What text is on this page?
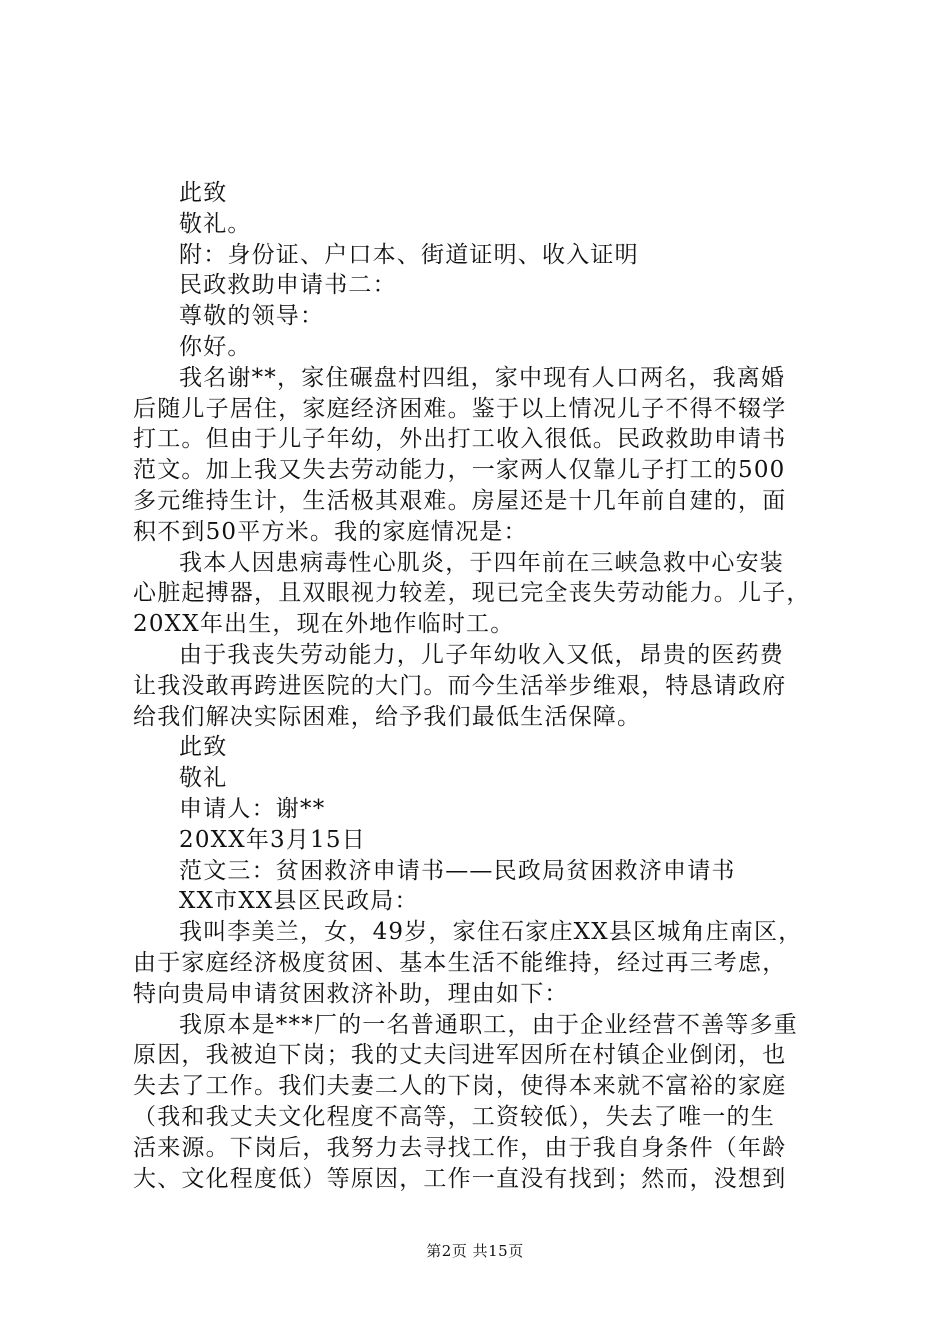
此致
敬礼。
附：身份证、户口本、街道证明、收入证明
民政救助申请书二：
尊敬的领导：
你好。
我名谢**，家住碾盘村四组，家中现有人口两名，我离婚
后随儿子居住，家庭经济困难。鉴于以上情况儿子不得不辍学
打工。但由于儿子年幼，外出打工收入很低。民政救助申请书
范文。加上我又失去劳动能力，一家两人仅靠儿子打工的500
多元维持生计，生活极其艰难。房屋还是十几年前自建的，面
积不到50平方米。我的家庭情况是：
我本人因患病毒性心肌炎，于四年前在三峡急救中心安装
心脏起搏器，且双眼视力较差，现已完全丧失劳动能力。儿子，
20XX年出生，现在外地作临时工。
由于我丧失劳动能力，儿子年幼收入又低，昂贵的医药费
让我没敢再跨进医院的大门。而今生活举步维艰，特恳请政府
给我们解决实际困难，给予我们最低生活保障。
此致
敬礼
申请人：谢**
20XX年3月15日
范文三：贫困救济申请书——民政局贫困救济申请书
XX市XX县区民政局：
我叫李美兰，女，49岁，家住石家庄XX县区城角庄南区，
由于家庭经济极度贫困、基本生活不能维持，经过再三考虑，
特向贵局申请贫困救济补助，理由如下：
我原本是***厂的一名普通职工，由于企业经营不善等多重
原因，我被迫下岗；我的丈夫闫进军因所在村镇企业倒闭，也
失去了工作。我们夫妻二人的下岗，使得本来就不富裕的家庭
（我和我丈夫文化程度不高等，工资较低），失去了唯一的生
活来源。下岗后，我努力去寻找工作，由于我自身条件（年龄
大、文化程度低）等原因，工作一直没有找到；然而，没想到
第2页 共15页
